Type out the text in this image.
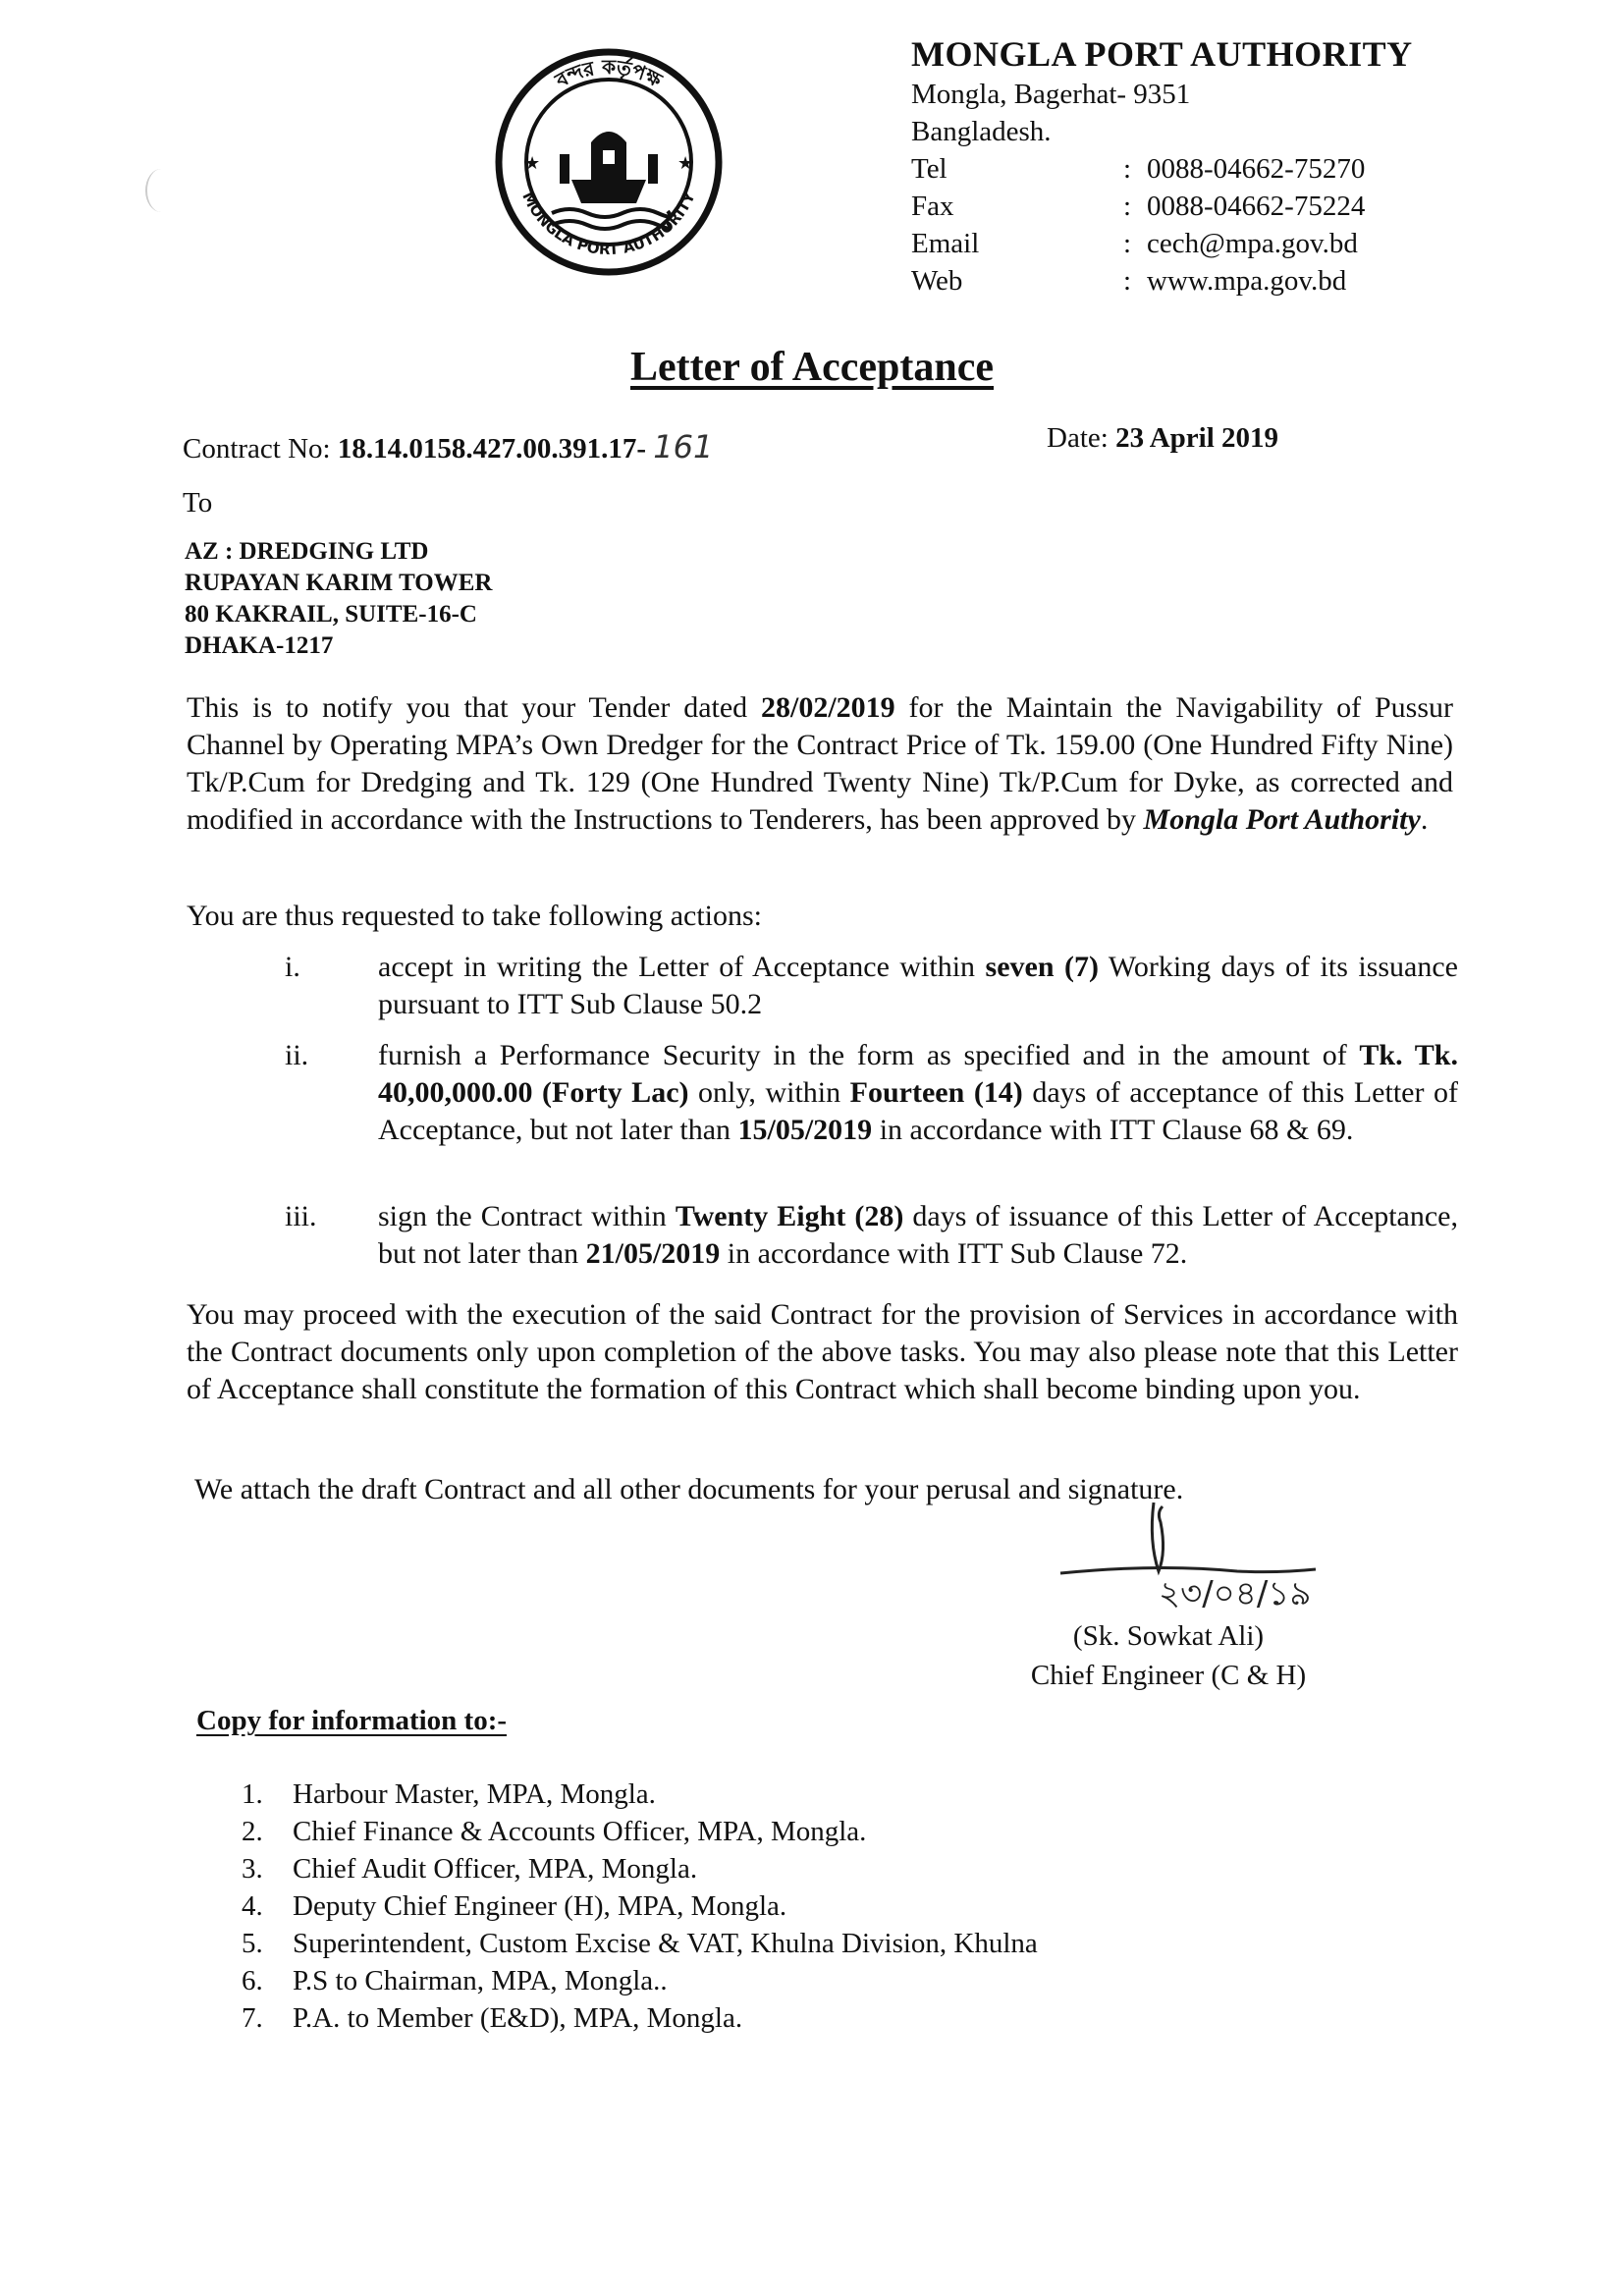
বন্দর কর্তৃপক্ষ
MONGLA PORT AUTHORITY
★	★
MONGLA PORT AUTHORITY
Mongla, Bagerhat- 9351
Bangladesh.
Tel	: 0088-04662-75270
Fax	: 0088-04662-75224
Email	: cech@mpa.gov.bd
Web	: www.mpa.gov.bd
Letter of Acceptance
Contract No: 18.14.0158.427.00.391.17- 161	Date: 23 April 2019
To
AZ : DREDGING LTD
RUPAYAN KARIM TOWER
80 KAKRAIL, SUITE-16-C
DHAKA-1217
This is to notify you that your Tender dated 28/02/2019 for the Maintain the Navigability of Pussur Channel by Operating MPA’s Own Dredger for the Contract Price of Tk. 159.00 (One Hundred Fifty Nine) Tk/P.Cum for Dredging and Tk. 129 (One Hundred Twenty Nine) Tk/P.Cum for Dyke, as corrected and modified in accordance with the Instructions to Tenderers, has been approved by Mongla Port Authority.
You are thus requested to take following actions:
i.	accept in writing the Letter of Acceptance within seven (7) Working days of its issuance pursuant to ITT Sub Clause 50.2
ii.	furnish a Performance Security in the form as specified and in the amount of Tk. Tk. 40,00,000.00 (Forty Lac) only, within Fourteen (14) days of acceptance of this Letter of Acceptance, but not later than 15/05/2019 in accordance with ITT Clause 68 & 69.
iii.	sign the Contract within Twenty Eight (28) days of issuance of this Letter of Acceptance, but not later than 21/05/2019 in accordance with ITT Sub Clause 72.
You may proceed with the execution of the said Contract for the provision of Services in accordance with the Contract documents only upon completion of the above tasks. You may also please note that this Letter of Acceptance shall constitute the formation of this Contract which shall become binding upon you.
We attach the draft Contract and all other documents for your perusal and signature.
২৩/০৪/১৯
(Sk. Sowkat Ali)
Chief Engineer (C & H)
Copy for information to:-
1.	Harbour Master, MPA, Mongla.
2.	Chief Finance & Accounts Officer, MPA, Mongla.
3.	Chief Audit Officer, MPA, Mongla.
4.	Deputy Chief Engineer (H), MPA, Mongla.
5.	Superintendent, Custom Excise & VAT, Khulna Division, Khulna
6.	P.S to Chairman, MPA, Mongla..
7.	P.A. to Member (E&D), MPA, Mongla.
